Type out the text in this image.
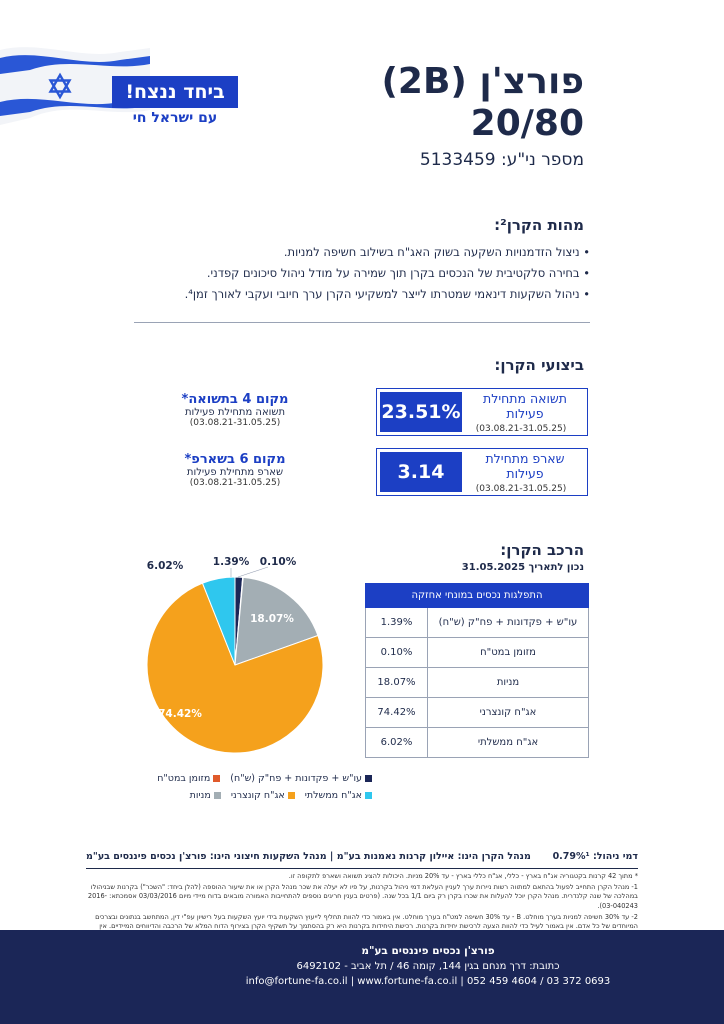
ביחד ננצח!
עם ישראל חי
פורצ'ן (2B)
20/80
מספר ני"ע: 5133459
מהות הקרן²:
• ניצול הזדמנויות השקעה בשוק האג"ח בשילוב חשיפה למניות.
• בחירה סלקטיבית של הנכסים בקרן תוך שמירה על מודל ניהול סיכונים קפדני.
• ניהול השקעות דינאמי שמטרתו לייצר למשקיעי הקרן ערך חיובי ועקבי לאורך זמן⁴.
ביצועי הקרן:
23.51%
תשואה מתחילת פעילות
(03.08.21-31.05.25)
3.14
שארפ מתחילת פעילות
(03.08.21-31.05.25)
מקום 4 בתשואה*
תשואה מתחילת פעילות
(03.08.21-31.05.25)
מקום 6 בשארפ*
שארפ מתחילת פעילות
(03.08.21-31.05.25)
הרכב הקרן:
נכון לתאריך 31.05.2025
התפלגות נכסים במונחי אחזקה	
עו"ש + פקדונות + פח"ק (ש"ח)	1.39%
מזומן במט"ח	0.10%
מניות	18.07%
אג"ח קונצרני	74.42%
אג"ח ממשלתי	6.02%
1.39% 0.10%
18.07%
74.42%
6.02%
עו"ש + פקדונות + פח"ק (ש"ח)
מזומן במט"ח
אג"ח ממשלתי
אג"ח קונצרני
מניות
דמי ניהול: 0.79%¹
מנהל הקרן הינו: איילון קרנות נאמנות בע"מ | מנהל השקעות חיצוני הינו: פורצ'ן נכסים פיננסים בע"מ

* מתוך 42 קרנות בקטגוריה אג"ח בארץ - כללי, אג"ח כללי בארץ - עד 20% מניות. היכולות להציג תשואה ושארפ לתקופה זו.

1- מנהל הקרן התחייב לפעול בהתאם למתווה רשות ניירות ערך לעניין העלאת דמי ניהול בקרנות, על פיו לא יעלה את שכר מנהל הקרן או את שיעור ההוספה (להלן ביחד: "השכר") בקרנות שבניהולו במהלכה של שנה קלנדרית. מנהל הקרן יוכל להעלות את שכרו בקרן רק ביום 1/1 בכל שנה. (פרטים בענין חריגים נוספים להתחייבות האמורה מובאים בדוח מיידי מיום 03/03/2016 אסמכתא: 2016-03-040243).

2- עד 30% חשיפה למניות בערך מוחלט. B - עד 30% חשיפה למט"ח בערך מוחלט. אין באמור כדי להוות תחליף לייעוץ השקעות בידי יועץ השקעות בעל רישיון עפ"י דין, המתחשב בנתונים ובצרכים המיוחדים של כל אדם. אין באמור לעיל כדי להוות הצעה לרכישת יחידות בקרנות. רכישת היחידות בקרנות היא רק בהסתמך על תשקיף הקרן בצירוף הדוח המלא של הרכבה והדיווחים המיידיים. אין

פורצ'ן נכסים פיננסים בע"מ
כתובת: דרך מנחם בגין 144, קומה 46 / תל אביב - 6492102
info@fortune-fa.co.il | www.fortune-fa.co.il | 052 459 4604 / 03 372 0693
